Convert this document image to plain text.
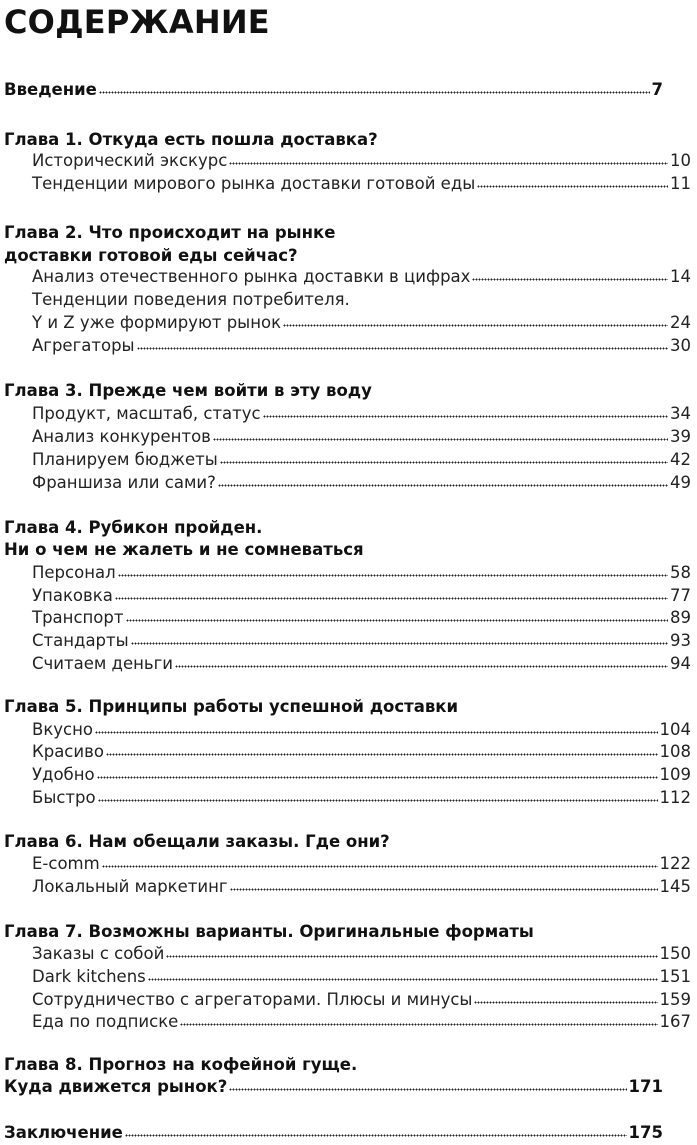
СОДЕРЖАНИЕ
Введение	7
Глава 1. Откуда есть пошла доставка?
Исторический экскурс	10
Тенденции мирового рынка доставки готовой еды	11
Глава 2. Что происходит на рынке
доставки готовой еды сейчас?
Анализ отечественного рынка доставки в цифрах	14
Тенденции поведения потребителя.
Y и Z уже формируют рынок	24
Агрегаторы	30
Глава 3. Прежде чем войти в эту воду
Продукт, масштаб, статус	34
Анализ конкурентов	39
Планируем бюджеты	42
Франшиза или сами?	49
Глава 4. Рубикон пройден.
Ни о чем не жалеть и не сомневаться
Персонал	58
Упаковка	77
Транспорт	89
Стандарты	93
Считаем деньги	94
Глава 5. Принципы работы успешной доставки
Вкусно	104
Красиво	108
Удобно	109
Быстро	112
Глава 6. Нам обещали заказы. Где они?
E-comm	122
Локальный маркетинг	145
Глава 7. Возможны варианты. Оригинальные форматы
Заказы с собой	150
Dark kitchens	151
Сотрудничество с агрегаторами. Плюсы и минусы	159
Еда по подписке	167
Глава 8. Прогноз на кофейной гуще.
Куда движется рынок?	171
Заключение	175
